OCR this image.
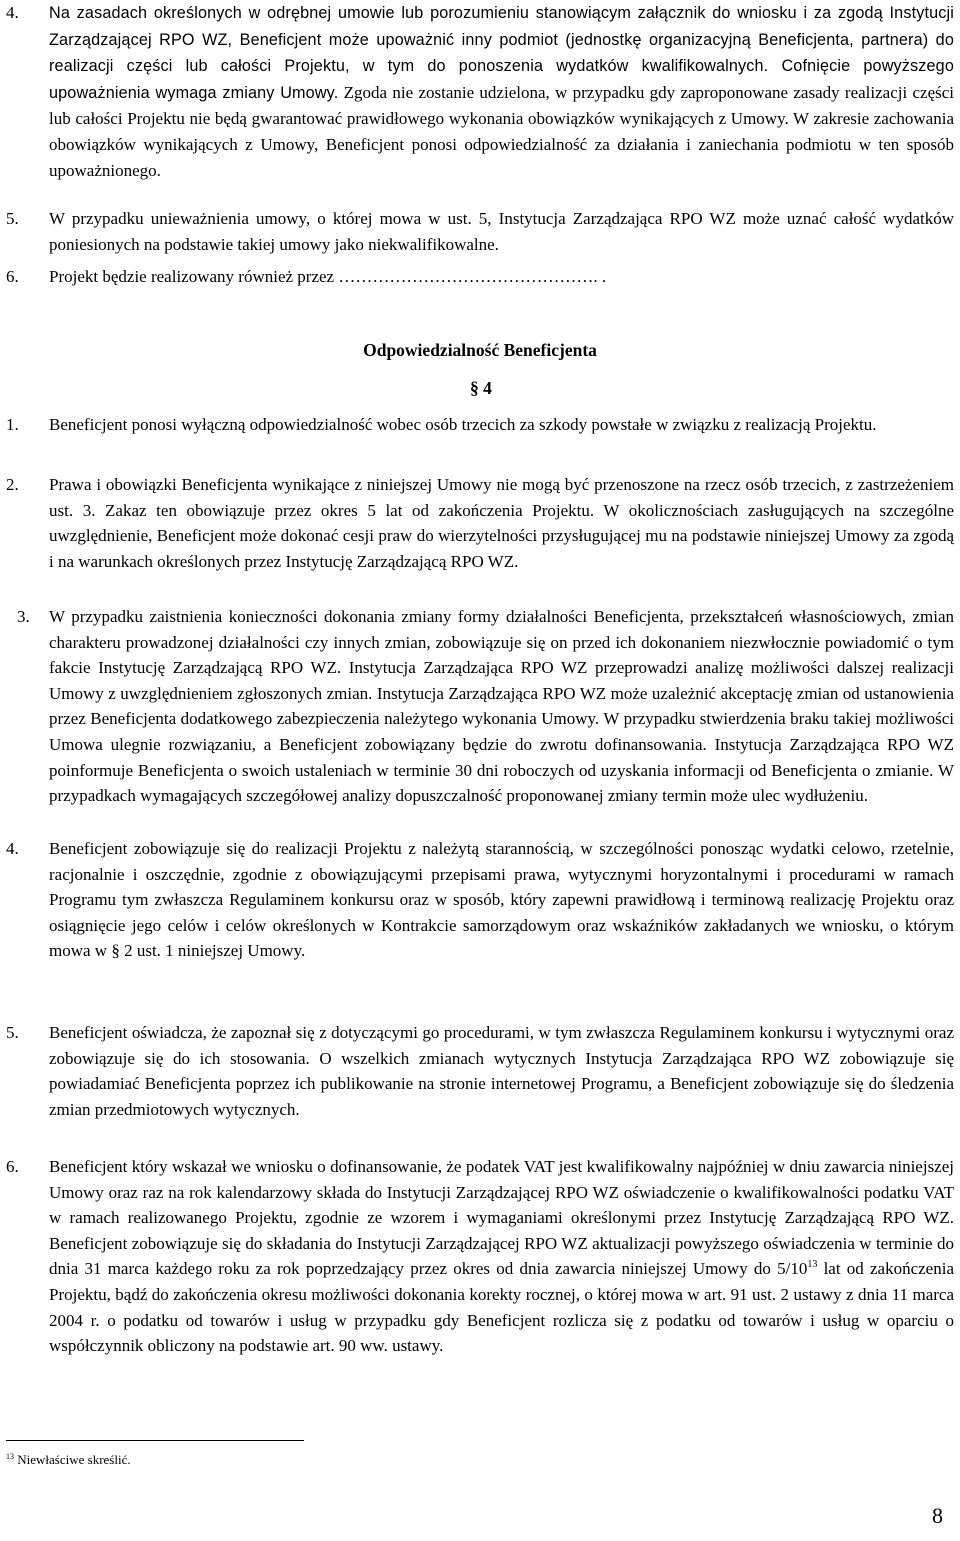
4. Na zasadach określonych w odrębnej umowie lub porozumieniu stanowiącym załącznik do wniosku i za zgodą Instytucji Zarządzającej RPO WZ, Beneficjent może upoważnić inny podmiot (jednostkę organizacyjną Beneficjenta, partnera) do realizacji części lub całości Projektu, w tym do ponoszenia wydatków kwalifikowalnych. Cofnięcie powyższego upoważnienia wymaga zmiany Umowy. Zgoda nie zostanie udzielona, w przypadku gdy zaproponowane zasady realizacji części lub całości Projektu nie będą gwarantować prawidłowego wykonania obowiązków wynikających z Umowy. W zakresie zachowania obowiązków wynikających z Umowy, Beneficjent ponosi odpowiedzialność za działania i zaniechania podmiotu w ten sposób upoważnionego.
5. W przypadku unieważnienia umowy, o której mowa w ust. 5, Instytucja Zarządzająca RPO WZ może uznać całość wydatków poniesionych na podstawie takiej umowy jako niekwalifikowalne.
6. Projekt będzie realizowany również przez ………………………………………. .
Odpowiedzialność Beneficjenta
§ 4
1. Beneficjent ponosi wyłączną odpowiedzialność wobec osób trzecich za szkody powstałe w związku z realizacją Projektu.
2. Prawa i obowiązki Beneficjenta wynikające z niniejszej Umowy nie mogą być przenoszone na rzecz osób trzecich, z zastrzeżeniem ust. 3. Zakaz ten obowiązuje przez okres 5 lat od zakończenia Projektu. W okolicznościach zasługujących na szczególne uwzględnienie, Beneficjent może dokonać cesji praw do wierzytelności przysługującej mu na podstawie niniejszej Umowy za zgodą i na warunkach określonych przez Instytucję Zarządzającą RPO WZ.
3. W przypadku zaistnienia konieczności dokonania zmiany formy działalności Beneficjenta, przekształceń własnościowych, zmian charakteru prowadzonej działalności czy innych zmian, zobowiązuje się on przed ich dokonaniem niezwłocznie powiadomić o tym fakcie Instytucję Zarządzającą RPO WZ. Instytucja Zarządzająca RPO WZ przeprowadzi analizę możliwości dalszej realizacji Umowy z uwzględnieniem zgłoszonych zmian. Instytucja Zarządzająca RPO WZ może uzależnić akceptację zmian od ustanowienia przez Beneficjenta dodatkowego zabezpieczenia należytego wykonania Umowy. W przypadku stwierdzenia braku takiej możliwości Umowa ulegnie rozwiązaniu, a Beneficjent zobowiązany będzie do zwrotu dofinansowania. Instytucja Zarządzająca RPO WZ poinformuje Beneficjenta o swoich ustaleniach w terminie 30 dni roboczych od uzyskania informacji od Beneficjenta o zmianie. W przypadkach wymagających szczegółowej analizy dopuszczalność proponowanej zmiany termin może ulec wydłużeniu.
4. Beneficjent zobowiązuje się do realizacji Projektu z należytą starannością, w szczególności ponosząc wydatki celowo, rzetelnie, racjonalnie i oszczędnie, zgodnie z obowiązującymi przepisami prawa, wytycznymi horyzontalnymi i procedurami w ramach Programu tym zwłaszcza Regulaminem konkursu oraz w sposób, który zapewni prawidłową i terminową realizację Projektu oraz osiągnięcie jego celów i celów określonych w Kontrakcie samorządowym oraz wskaźników zakładanych we wniosku, o którym mowa w § 2 ust. 1 niniejszej Umowy.
5. Beneficjent oświadcza, że zapoznał się z dotyczącymi go procedurami, w tym zwłaszcza Regulaminem konkursu i wytycznymi oraz zobowiązuje się do ich stosowania. O wszelkich zmianach wytycznych Instytucja Zarządzająca RPO WZ zobowiązuje się powiadamiać Beneficjenta poprzez ich publikowanie na stronie internetowej Programu, a Beneficjent zobowiązuje się do śledzenia zmian przedmiotowych wytycznych.
6. Beneficjent który wskazał we wniosku o dofinansowanie, że podatek VAT jest kwalifikowalny najpóźniej w dniu zawarcia niniejszej Umowy oraz raz na rok kalendarzowy składa do Instytucji Zarządzającej RPO WZ oświadczenie o kwalifikowalności podatku VAT w ramach realizowanego Projektu, zgodnie ze wzorem i wymaganiami określonymi przez Instytucję Zarządzającą RPO WZ. Beneficjent zobowiązuje się do składania do Instytucji Zarządzającej RPO WZ aktualizacji powyższego oświadczenia w terminie do dnia 31 marca każdego roku za rok poprzedzający przez okres od dnia zawarcia niniejszej Umowy do $5/10^{13}$ lat od zakończenia Projektu, bądź do zakończenia okresu możliwości dokonania korekty rocznej, o której mowa w art. 91 ust. 2 ustawy z dnia 11 marca 2004 r. o podatku od towarów i usług w przypadku gdy Beneficjent rozlicza się z podatku od towarów i usług w oparciu o współczynnik obliczony na podstawie art. 90 ww. ustawy.
$^{13}$ Niewłaściwe skreślić.
8
